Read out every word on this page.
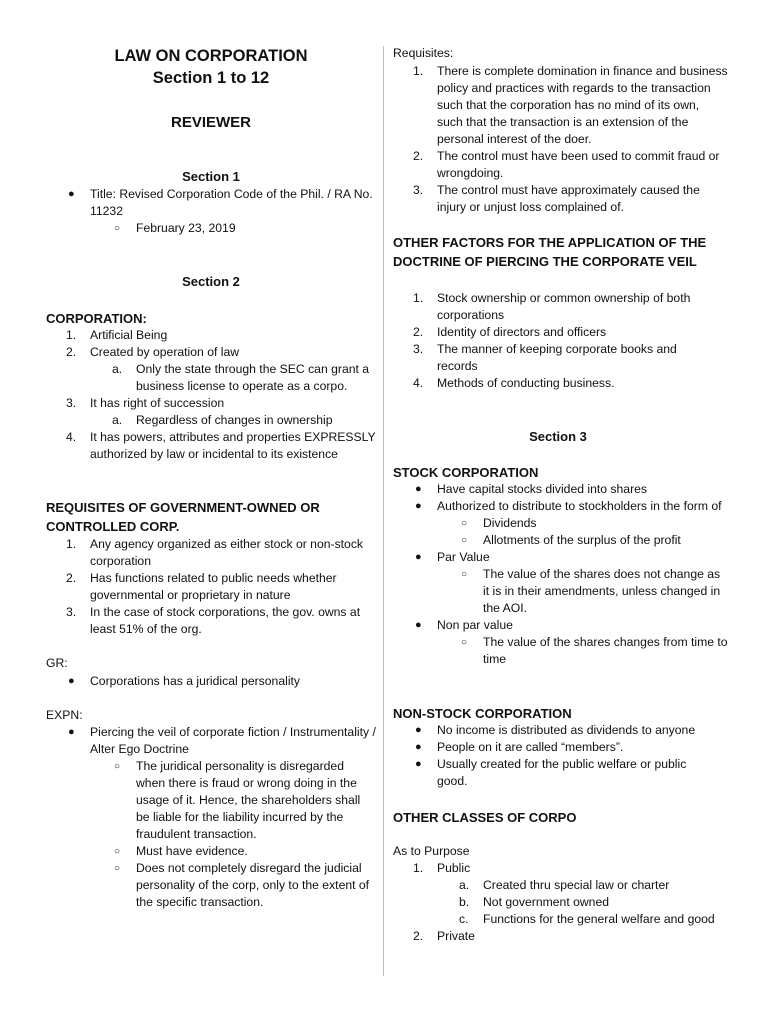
LAW ON CORPORATION
Section 1 to 12
REVIEWER
Section 1
● Title: Revised Corporation Code of the Phil. / RA No. 11232
○ February 23, 2019
Section 2
CORPORATION:
1. Artificial Being
2. Created by operation of law
a. Only the state through the SEC can grant a business license to operate as a corpo.
3. It has right of succession
a. Regardless of changes in ownership
4. It has powers, attributes and properties EXPRESSLY authorized by law or incidental to its existence
REQUISITES OF GOVERNMENT-OWNED OR CONTROLLED CORP.
1. Any agency organized as either stock or non-stock corporation
2. Has functions related to public needs whether governmental or proprietary in nature
3. In the case of stock corporations, the gov. owns at least 51% of the org.
GR:
● Corporations has a juridical personality
EXPN:
● Piercing the veil of corporate fiction / Instrumentality / Alter Ego Doctrine
○ The juridical personality is disregarded when there is fraud or wrong doing in the usage of it. Hence, the shareholders shall be liable for the liability incurred by the fraudulent transaction.
○ Must have evidence.
○ Does not completely disregard the judicial personality of the corp, only to the extent of the specific transaction.
Requisites:
1. There is complete domination in finance and business policy and practices with regards to the transaction such that the corporation has no mind of its own, such that the transaction is an extension of the personal interest of the doer.
2. The control must have been used to commit fraud or wrongdoing.
3. The control must have approximately caused the injury or unjust loss complained of.
OTHER FACTORS FOR THE APPLICATION OF THE DOCTRINE OF PIERCING THE CORPORATE VEIL
1. Stock ownership or common ownership of both corporations
2. Identity of directors and officers
3. The manner of keeping corporate books and records
4. Methods of conducting business.
Section 3
STOCK CORPORATION
● Have capital stocks divided into shares
● Authorized to distribute to stockholders in the form of
○ Dividends
○ Allotments of the surplus of the profit
● Par Value
○ The value of the shares does not change as it is in their amendments, unless changed in the AOI.
● Non par value
○ The value of the shares changes from time to time
NON-STOCK CORPORATION
● No income is distributed as dividends to anyone
● People on it are called “members”.
● Usually created for the public welfare or public good.
OTHER CLASSES OF CORPO
As to Purpose
1. Public
a. Created thru special law or charter
b. Not government owned
c. Functions for the general welfare and good
2. Private
